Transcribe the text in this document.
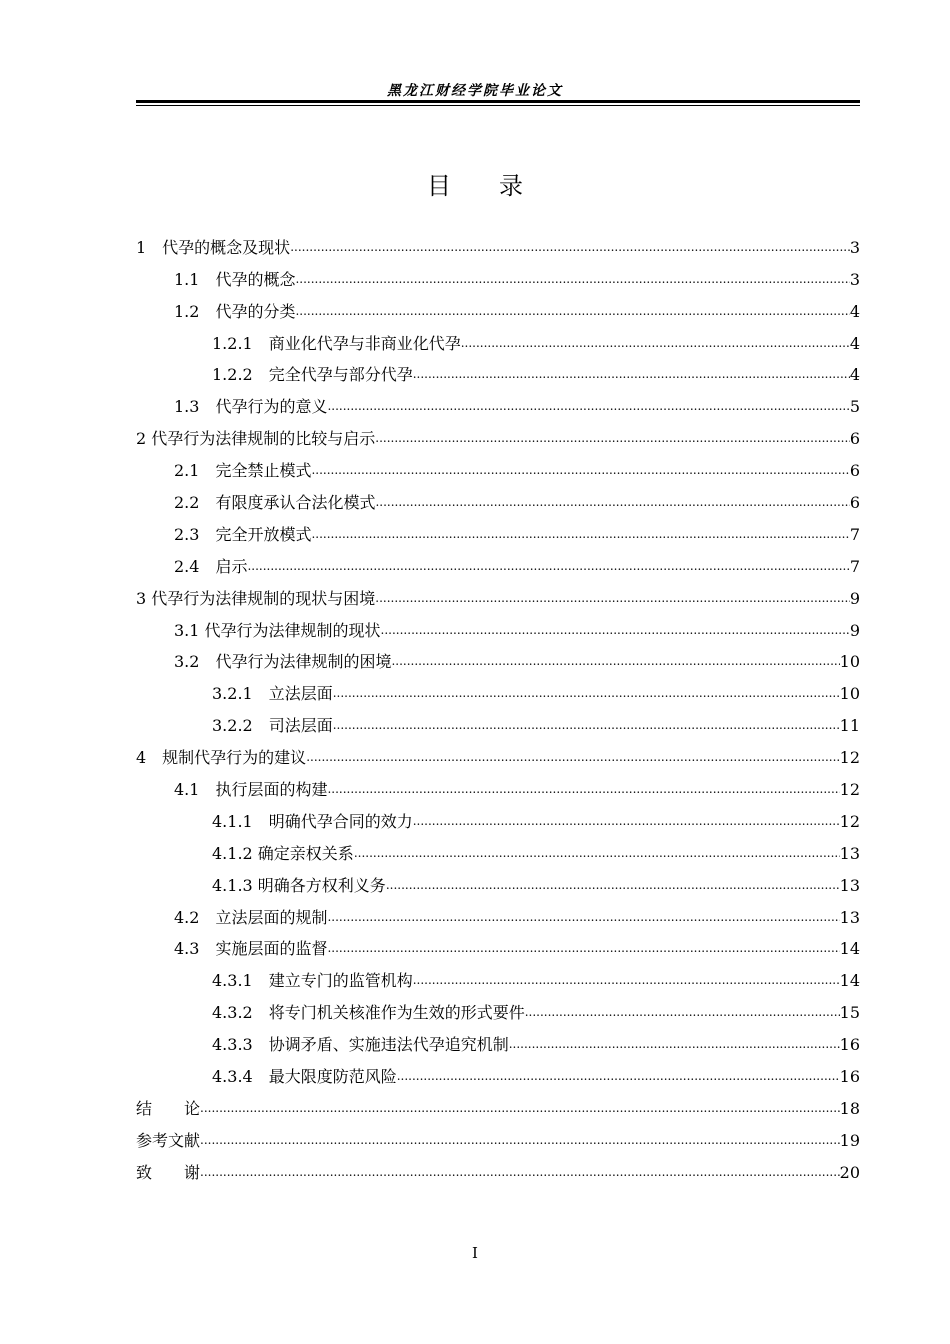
黑龙江财经学院毕业论文
目　　录
1　代孕的概念及现状 .....	3
1.1　代孕的概念 .....	3
1.2　代孕的分类 .....	4
1.2.1　商业化代孕与非商业化代孕 .....	4
1.2.2　完全代孕与部分代孕 .....	4
1.3　代孕行为的意义 .....	5
2 代孕行为法律规制的比较与启示 .....	6
2.1　完全禁止模式 .....	6
2.2　有限度承认合法化模式 .....	6
2.3　完全开放模式 .....	7
2.4　启示 .....	7
3 代孕行为法律规制的现状与困境 .....	9
3.1 代孕行为法律规制的现状 .....	9
3.2　代孕行为法律规制的困境 .....	10
3.2.1　立法层面 .....	10
3.2.2　司法层面 .....	11
4　规制代孕行为的建议 .....	12
4.1　执行层面的构建 .....	12
4.1.1　明确代孕合同的效力 .....	12
4.1.2 确定亲权关系 .....	13
4.1.3 明确各方权利义务 .....	13
4.2　立法层面的规制 .....	13
4.3　实施层面的监督 .....	14
4.3.1　建立专门的监管机构 .....	14
4.3.2　将专门机关核准作为生效的形式要件 .....	15
4.3.3　协调矛盾、实施违法代孕追究机制 .....	16
4.3.4　最大限度防范风险 .....	16
结　　论 .....	18
参考文献 .....	19
致　　谢 .....	20
I
